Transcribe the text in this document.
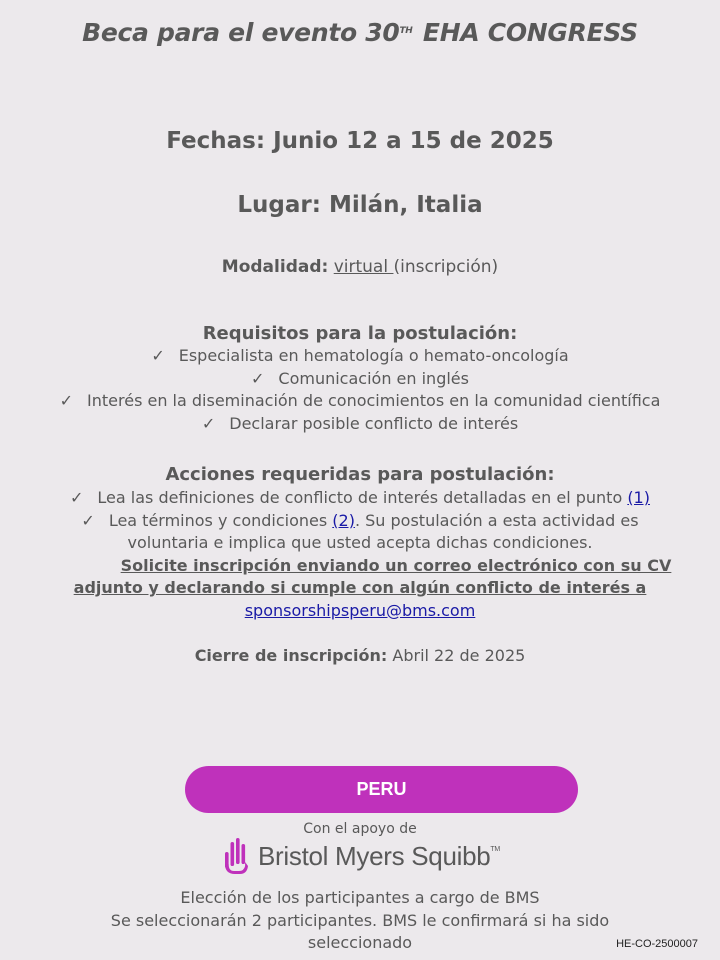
Beca para el evento 30TH EHA CONGRESS
Fechas: Junio 12 a 15 de 2025
Lugar: Milán, Italia
Modalidad: virtual (inscripción)
Requisitos para la postulación:
✓ Especialista en hematología o hemato-oncología
✓ Comunicación en inglés
✓ Interés en la diseminación de conocimientos en la comunidad científica
✓ Declarar posible conflicto de interés
Acciones requeridas para postulación:
✓ Lea las definiciones de conflicto de interés detalladas en el punto (1)
✓ Lea términos y condiciones (2). Su postulación a esta actividad es
voluntaria e implica que usted acepta dichas condiciones.
Solicite inscripción enviando un correo electrónico con su CV
adjunto y declarando si cumple con algún conflicto de interés a
sponsorshipsperu@bms.com
Cierre de inscripción: Abril 22 de 2025
PERU
Con el apoyo de
Bristol Myers Squibb™
Elección de los participantes a cargo de BMS
Se seleccionarán 2 participantes. BMS le confirmará si ha sido
seleccionado	HE-CO-2500007
